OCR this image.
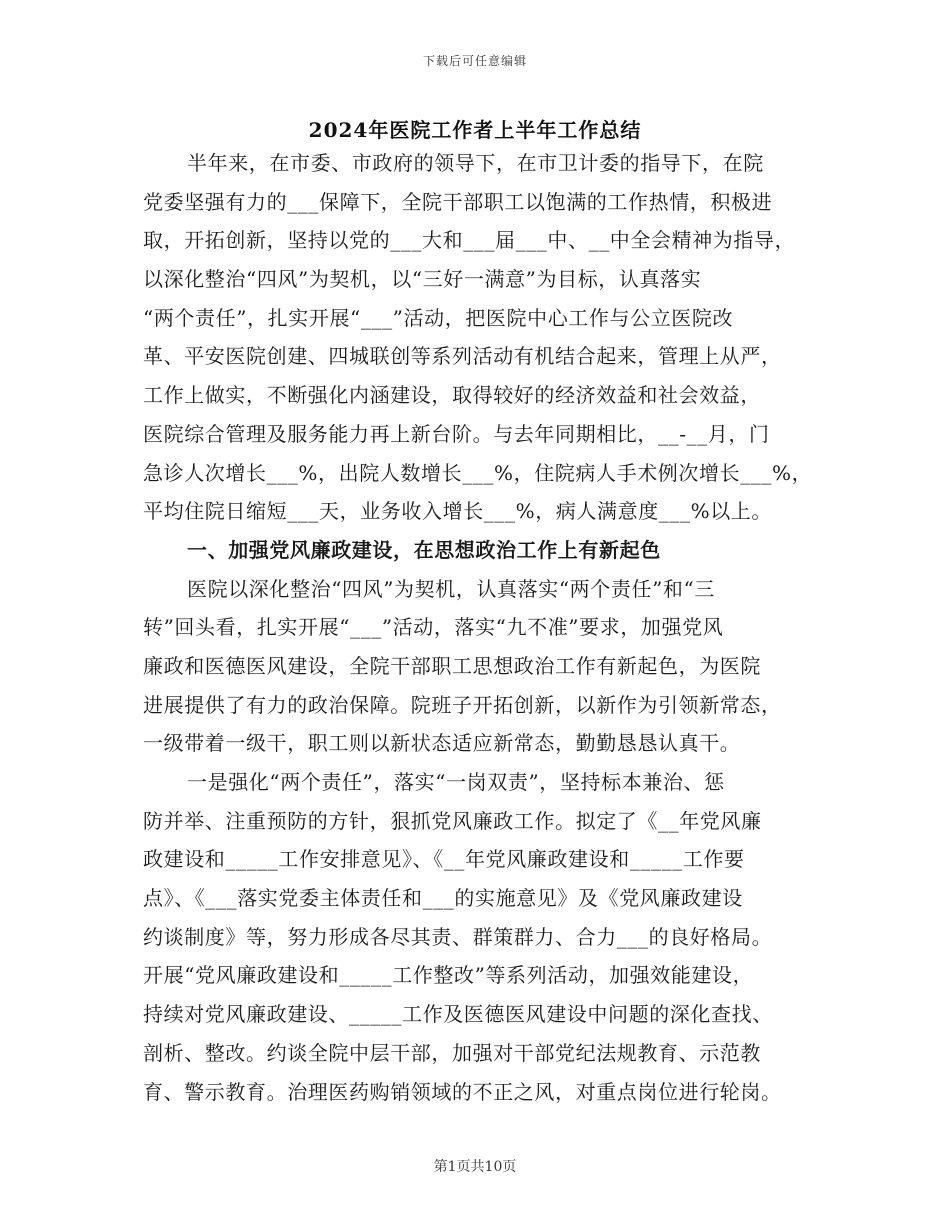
下载后可任意编辑
2024年医院工作者上半年工作总结
半年来，在市委、市政府的领导下，在市卫计委的指导下，在院
党委坚强有力的___保障下，全院干部职工以饱满的工作热情，积极进
取，开拓创新，坚持以党的___大和___届___中、__中全会精神为指导，
以深化整治“四风”为契机，以“三好一满意”为目标，认真落实
“两个责任”，扎实开展“___”活动，把医院中心工作与公立医院改
革、平安医院创建、四城联创等系列活动有机结合起来，管理上从严，
工作上做实，不断强化内涵建设，取得较好的经济效益和社会效益，
医院综合管理及服务能力再上新台阶。与去年同期相比，__-__月，门
急诊人次增长___%，出院人数增长___%，住院病人手术例次增长___%，
平均住院日缩短___天，业务收入增长___%，病人满意度___%以上。
一、加强党风廉政建设，在思想政治工作上有新起色
医院以深化整治“四风”为契机，认真落实“两个责任”和“三
转”回头看，扎实开展“___”活动，落实“九不准”要求，加强党风
廉政和医德医风建设，全院干部职工思想政治工作有新起色，为医院
进展提供了有力的政治保障。院班子开拓创新，以新作为引领新常态，
一级带着一级干，职工则以新状态适应新常态，勤勤恳恳认真干。
一是强化“两个责任”，落实“一岗双责”，坚持标本兼治、惩
防并举、注重预防的方针，狠抓党风廉政工作。拟定了《__年党风廉
政建设和_____工作安排意见》、《__年党风廉政建设和_____工作要
点》、《___落实党委主体责任和___的实施意见》及《党风廉政建设
约谈制度》等，努力形成各尽其责、群策群力、合力___的良好格局。
开展“党风廉政建设和_____工作整改”等系列活动，加强效能建设，
持续对党风廉政建设、_____工作及医德医风建设中问题的深化查找、
剖析、整改。约谈全院中层干部，加强对干部党纪法规教育、示范教
育、警示教育。治理医药购销领域的不正之风，对重点岗位进行轮岗。
第1页共10页
